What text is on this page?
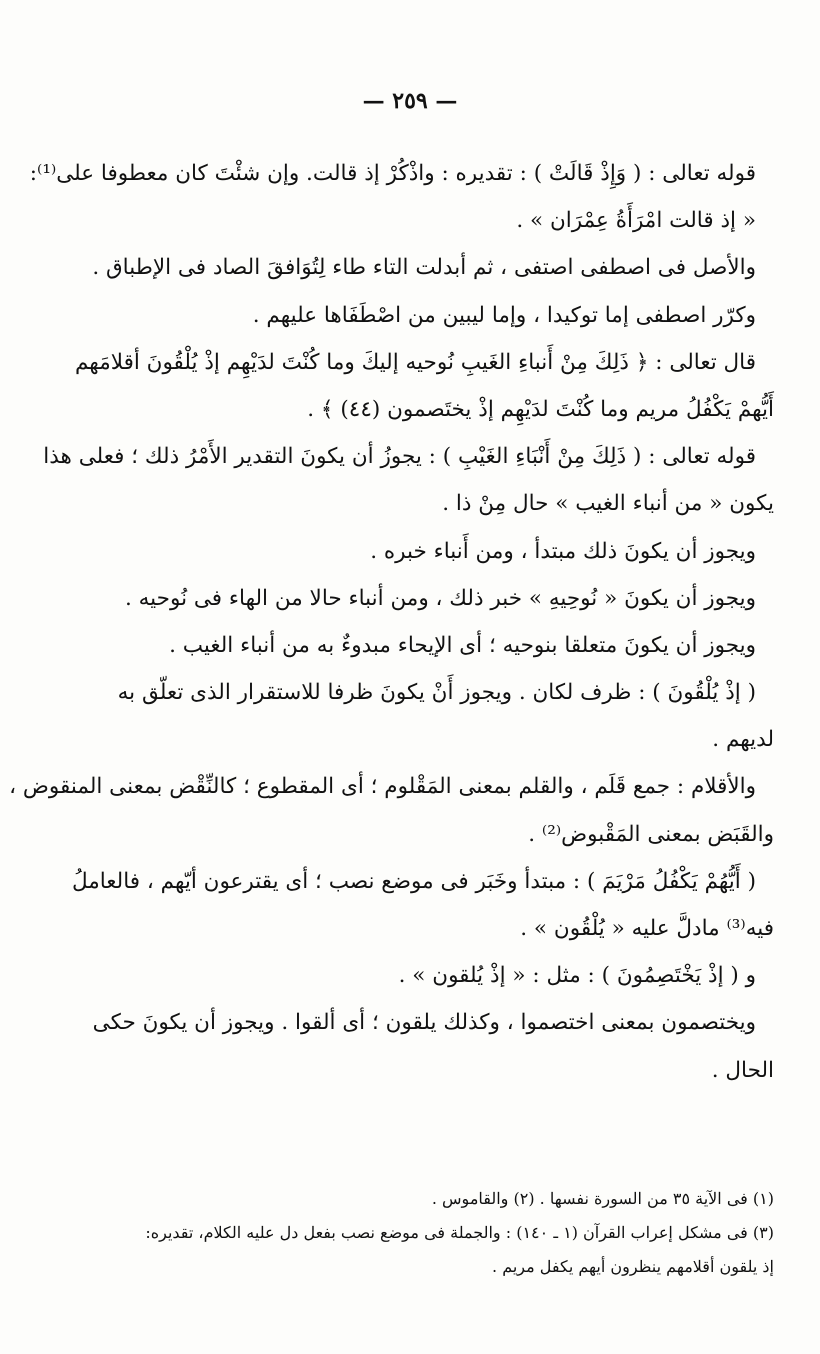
— ٢٥٩ —
قوله تعالى : ( وَإِذْ قَالَتْ ) : تقديره : واذْكُرْ إذ قالت. وإن شئْتَ كان معطوفا على⁽¹⁾:
« إذ قالت امْرَأَةُ عِمْرَان » .
والأصل فى اصطفى اصتفى ، ثم أبدلت التاء طاء لِتُوَافقَ الصاد فى الإطباق .
وكرّر اصطفى إما توكيدا ، وإما ليبين من اصْطَفَاها عليهم .
قال تعالى : ﴿ ذَلِكَ مِنْ أَنباءِ الغَيبِ نُوحيه إليكَ وما كُنْتَ لدَيْهِم إذْ يُلْقُونَ أقلامَهم
أَيُّهمْ يَكْفُلُ مريم وما كُنْتَ لدَيْهِم إذْ يختَصمون (٤٤) ﴾ .
قوله تعالى : ( ذَلِكَ مِنْ أَنْبَاءِ الغَيْبِ ) : يجوزُ أن يكونَ التقدير الأَمْرُ ذلك ؛ فعلى هذا
يكون « من أنباء الغيب » حال مِنْ ذا .
ويجوز أن يكونَ ذلك مبتدأ ، ومن أَنباء خبره .
ويجوز أن يكونَ « نُوحِيهِ » خبر ذلك ، ومن أنباء حالا من الهاء فى نُوحيه .
ويجوز أن يكونَ متعلقا بنوحيه ؛ أى الإيحاء مبدوءٌ به من أنباء الغيب .
( إذْ يُلْقُونَ ) : ظرف لكان . ويجوز أَنْ يكونَ ظرفا للاستقرار الذى تعلّق به
لديهم .
والأقلام : جمع قَلَم ، والقلم بمعنى المَقْلوم ؛ أى المقطوع ؛ كالنِّقْض بمعنى المنقوض ،
والقَبَض بمعنى المَقْبوض⁽²⁾ .
( أَيُّهُمْ يَكْفُلُ مَرْيَمَ ) : مبتدأ وخَبَر فى موضع نصب ؛ أى يقترعون أيّهم ، فالعاملُ
فيه⁽³⁾ مادلَّ عليه « يُلْقُون » .
و ( إذْ يَخْتَصِمُونَ ) : مثل : « إذْ يُلقون » .
ويختصمون بمعنى اختصموا ، وكذلك يلقون ؛ أى ألقوا . ويجوز أن يكونَ حكى
الحال .
(١) فى الآية ٣٥ من السورة نفسها . (٢) والقاموس .
(٣) فى مشكل إعراب القرآن (١ ـ ١٤٠) : والجملة فى موضع نصب بفعل دل عليه الكلام، تقديره:
إذ يلقون أقلامهم ينظرون أيهم يكفل مريم .
